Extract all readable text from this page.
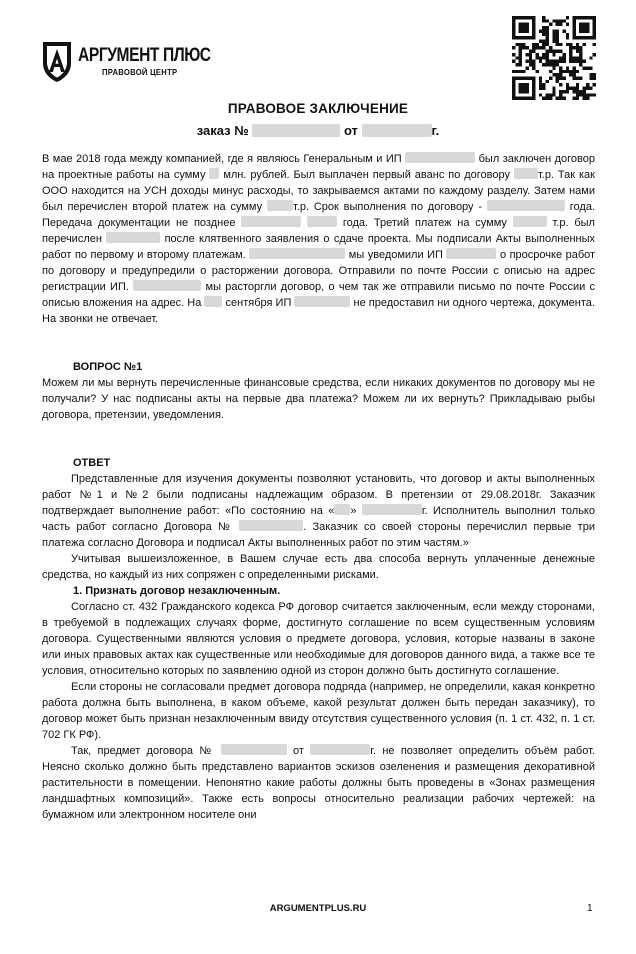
АРГУМЕНТ ПЛЮС
ПРАВОВОЙ ЦЕНТР
ПРАВОВОЕ ЗАКЛЮЧЕНИЕ
заказ №	от	г.

В мае 2018 года между компанией, где я являюсь Генеральным и ИП	был заключен договор на проектные работы на сумму млн. рублей. Был выплачен первый аванс по договору	т.р. Так как ООО находится на УСН доходы минус расходы, то закрываемся актами по каждому разделу. Затем нами был перечислен второй платеж на сумму	т.р. Срок выполнения по договору -	года. Передача документации не позднее	года. Третий платеж на сумму	т.р. был перечислен	после клятвенного заявления о сдаче проекта. Мы подписали Акты выполненных работ по первому и второму платежам.	мы уведомили ИП	о просрочке работ по договору и предупредили о расторжении договора. Отправили по почте России с описью на адрес регистрации ИП.	мы расторгли договор, о чем так же отправили письмо по почте России с описью вложения на адрес. На сентября ИП	не предоставил ни одного чертежа, документа. На звонки не отвечает.

ВОПРОС №1

Можем ли мы вернуть перечисленные финансовые средства, если никаких документов по договору мы не получали? У нас подписаны акты на первые два платежа? Можем ли их вернуть? Прикладываю рыбы договора, претензии, уведомления.

ОТВЕТ

Представленные для изучения документы позволяют установить, что договор и акты выполненных работ №1 и №2 были подписаны надлежащим образом. В претензии от 29.08.2018г. Заказчик подтверждает выполнение работ: «По состоянию на « »	г. Исполнитель выполнил только часть работ согласно Договора №	. Заказчик со своей стороны перечислил первые три платежа согласно Договора и подписал Акты выполненных работ по этим частям.»

Учитывая вышеизложенное, в Вашем случае есть два способа вернуть уплаченные денежные средства, но каждый из них сопряжен с определенными рисками.

1. Признать договор незаключенным.

Согласно ст. 432 Гражданского кодекса РФ договор считается заключенным, если между сторонами, в требуемой в подлежащих случаях форме, достигнуто соглашение по всем существенным условиям договора. Существенными являются условия о предмете договора, условия, которые названы в законе или иных правовых актах как существенные или необходимые для договоров данного вида, а также все те условия, относительно которых по заявлению одной из сторон должно быть достигнуто соглашение.

Если стороны не согласовали предмет договора подряда (например, не определили, какая конкретно работа должна быть выполнена, в каком объеме, какой результат должен быть передан заказчику), то договор может быть признан незаключенным ввиду отсутствия существенного условия (п. 1 ст. 432, п. 1 ст. 702 ГК РФ).

Так, предмет договора №	от	г. не позволяет определить объём работ. Неясно сколько должно быть представлено вариантов эскизов озеленения и размещения декоративной растительности в помещении. Непонятно какие работы должны быть проведены в «Зонах размещения ландшафтных композиций». Также есть вопросы относительно реализации рабочих чертежей: на бумажном или электронном носителе они

ARGUMENTPLUS.RU	1
